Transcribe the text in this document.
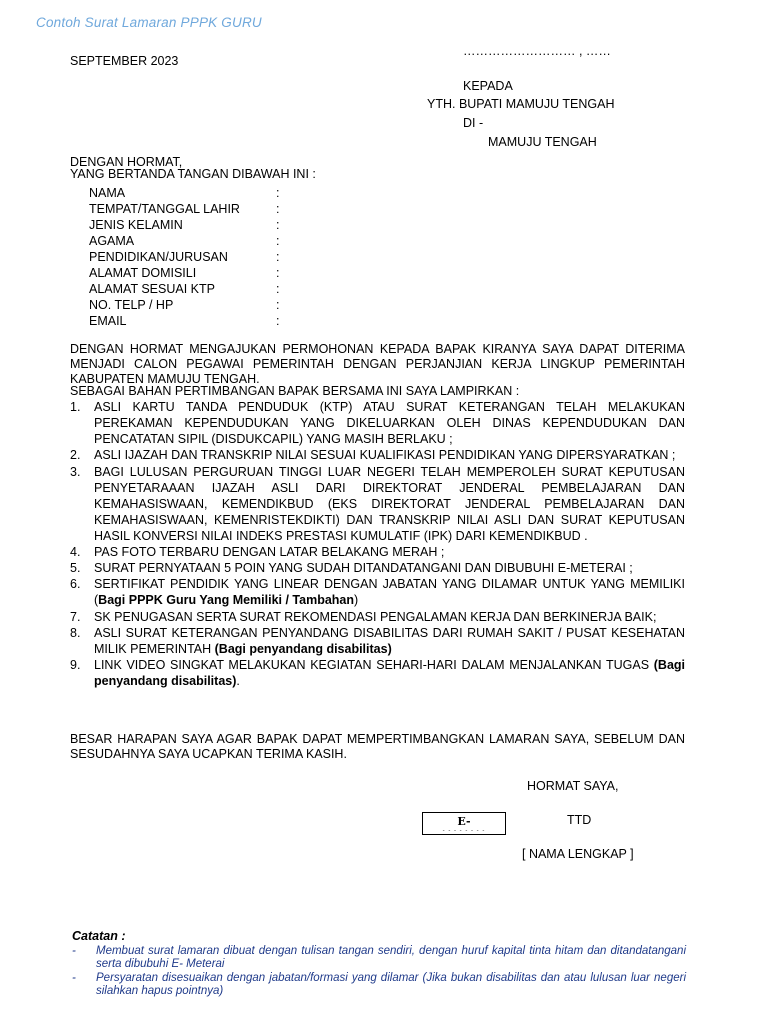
Contoh Surat Lamaran PPPK GURU
……………………… , ……
SEPTEMBER 2023
KEPADA
YTH. BUPATI MAMUJU TENGAH
DI -
MAMUJU TENGAH
DENGAN HORMAT,
YANG BERTANDA TANGAN DIBAWAH INI :
NAMA	:
TEMPAT/TANGGAL LAHIR	:
JENIS KELAMIN	:
AGAMA	:
PENDIDIKAN/JURUSAN	:
ALAMAT DOMISILI	:
ALAMAT SESUAI KTP	:
NO. TELP / HP	:
EMAIL	:
DENGAN HORMAT MENGAJUKAN PERMOHONAN KEPADA BAPAK KIRANYA SAYA DAPAT DITERIMA MENJADI CALON PEGAWAI PEMERINTAH DENGAN PERJANJIAN KERJA LINGKUP PEMERINTAH KABUPATEN MAMUJU TENGAH.
SEBAGAI BAHAN PERTIMBANGAN BAPAK BERSAMA INI SAYA LAMPIRKAN :
1. ASLI KARTU TANDA PENDUDUK (KTP) ATAU SURAT KETERANGAN TELAH MELAKUKAN PEREKAMAN KEPENDUDUKAN YANG DIKELUARKAN OLEH DINAS KEPENDUDUKAN DAN PENCATATAN SIPIL (DISDUKCAPIL) YANG MASIH BERLAKU ;
2. ASLI IJAZAH DAN TRANSKRIP NILAI SESUAI KUALIFIKASI PENDIDIKAN YANG DIPERSYARATKAN ;
3. BAGI LULUSAN PERGURUAN TINGGI LUAR NEGERI TELAH MEMPEROLEH SURAT KEPUTUSAN PENYETARAAAN IJAZAH ASLI DARI DIREKTORAT JENDERAL PEMBELAJARAN DAN KEMAHASISWAAN, KEMENDIKBUD (EKS DIREKTORAT JENDERAL PEMBELAJARAN DAN KEMAHASISWAAN, KEMENRISTEKDIKTI) DAN TRANSKRIP NILAI ASLI DAN SURAT KEPUTUSAN HASIL KONVERSI NILAI INDEKS PRESTASI KUMULATIF (IPK) DARI KEMENDIKBUD .
4. PAS FOTO TERBARU DENGAN LATAR BELAKANG MERAH ;
5. SURAT PERNYATAAN 5 POIN YANG SUDAH DITANDATANGANI DAN DIBUBUHI E-METERAI ;
6. SERTIFIKAT PENDIDIK YANG LINEAR DENGAN JABATAN YANG DILAMAR UNTUK YANG MEMILIKI (Bagi PPPK Guru Yang Memiliki / Tambahan)
7. SK PENUGASAN SERTA SURAT REKOMENDASI PENGALAMAN KERJA DAN BERKINERJA BAIK;
8. ASLI SURAT KETERANGAN PENYANDANG DISABILITAS DARI RUMAH SAKIT / PUSAT KESEHATAN MILIK PEMERINTAH (Bagi penyandang disabilitas)
9. LINK VIDEO SINGKAT MELAKUKAN KEGIATAN SEHARI-HARI DALAM MENJALANKAN TUGAS (Bagi penyandang disabilitas).
BESAR HARAPAN SAYA AGAR BAPAK DAPAT MEMPERTIMBANGKAN LAMARAN SAYA, SEBELUM DAN SESUDAHNYA SAYA UCAPKAN TERIMA KASIH.
HORMAT SAYA,
E-
- - - - - - - -
TTD
[ NAMA LENGKAP ]
Catatan :
- Membuat surat lamaran dibuat dengan tulisan tangan sendiri, dengan huruf kapital tinta hitam dan ditandatangani serta dibubuhi E- Meterai
- Persyaratan disesuaikan dengan jabatan/formasi yang dilamar (Jika bukan disabilitas dan atau lulusan luar negeri silahkan hapus pointnya)
